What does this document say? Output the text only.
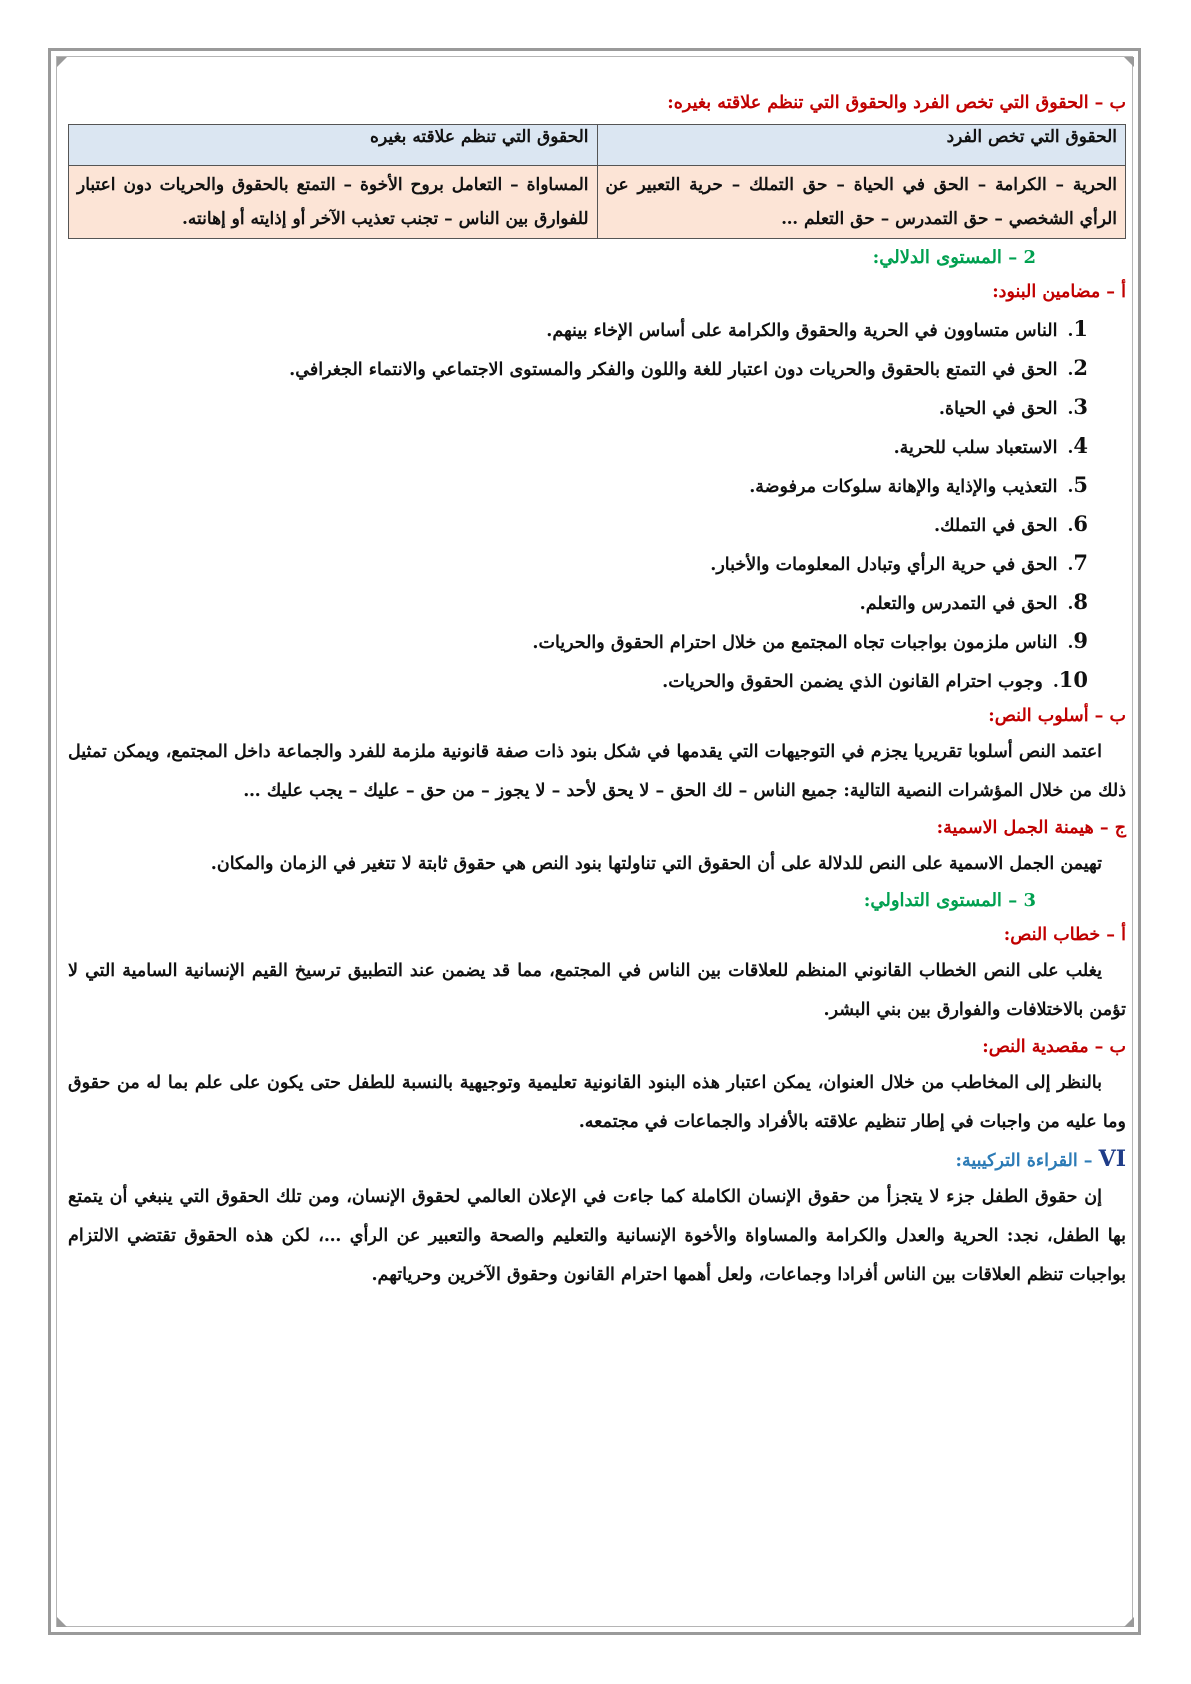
ب – الحقوق التي تخص الفرد والحقوق التي تنظم علاقته بغيره:
الحقوق التي تخص الفرد	الحقوق التي تنظم علاقته بغيره
الحرية – الكرامة – الحق في الحياة – حق التملك – حرية التعبير عن الرأي الشخصي – حق التمدرس – حق التعلم …	المساواة – التعامل بروح الأخوة – التمتع بالحقوق والحريات دون اعتبار للفوارق بين الناس – تجنب تعذيب الآخر أو إذايته أو إهانته.
2 – المستوى الدلالي:
أ – مضامين البنود:
1.الناس متساوون في الحرية والحقوق والكرامة على أساس الإخاء بينهم.
2.الحق في التمتع بالحقوق والحريات دون اعتبار للغة واللون والفكر والمستوى الاجتماعي والانتماء الجغرافي.
3.الحق في الحياة.
4.الاستعباد سلب للحرية.
5.التعذيب والإذاية والإهانة سلوكات مرفوضة.
6.الحق في التملك.
7.الحق في حرية الرأي وتبادل المعلومات والأخبار.
8.الحق في التمدرس والتعلم.
9.الناس ملزمون بواجبات تجاه المجتمع من خلال احترام الحقوق والحريات.
10.وجوب احترام القانون الذي يضمن الحقوق والحريات.
ب – أسلوب النص:

اعتمد النص أسلوبا تقريريا يجزم في التوجيهات التي يقدمها في شكل بنود ذات صفة قانونية ملزمة للفرد والجماعة داخل المجتمع، ويمكن تمثيل ذلك من خلال المؤشرات النصية التالية: جميع الناس – لك الحق – لا يحق لأحد – لا يجوز – من حق – عليك – يجب عليك …

ج – هيمنة الجمل الاسمية:

تهيمن الجمل الاسمية على النص للدلالة على أن الحقوق التي تناولتها بنود النص هي حقوق ثابتة لا تتغير في الزمان والمكان.

3 – المستوى التداولي:
أ – خطاب النص:

يغلب على النص الخطاب القانوني المنظم للعلاقات بين الناس في المجتمع، مما قد يضمن عند التطبيق ترسيخ القيم الإنسانية السامية التي لا تؤمن بالاختلافات والفوارق بين بني البشر.

ب – مقصدية النص:

بالنظر إلى المخاطب من خلال العنوان، يمكن اعتبار هذه البنود القانونية تعليمية وتوجيهية بالنسبة للطفل حتى يكون على علم بما له من حقوق وما عليه من واجبات في إطار تنظيم علاقته بالأفراد والجماعات في مجتمعه.

VI – القراءة التركيبية:

إن حقوق الطفل جزء لا يتجزأ من حقوق الإنسان الكاملة كما جاءت في الإعلان العالمي لحقوق الإنسان، ومن تلك الحقوق التي ينبغي أن يتمتع بها الطفل، نجد: الحرية والعدل والكرامة والمساواة والأخوة الإنسانية والتعليم والصحة والتعبير عن الرأي …، لكن هذه الحقوق تقتضي الالتزام بواجبات تنظم العلاقات بين الناس أفرادا وجماعات، ولعل أهمها احترام القانون وحقوق الآخرين وحرياتهم.
